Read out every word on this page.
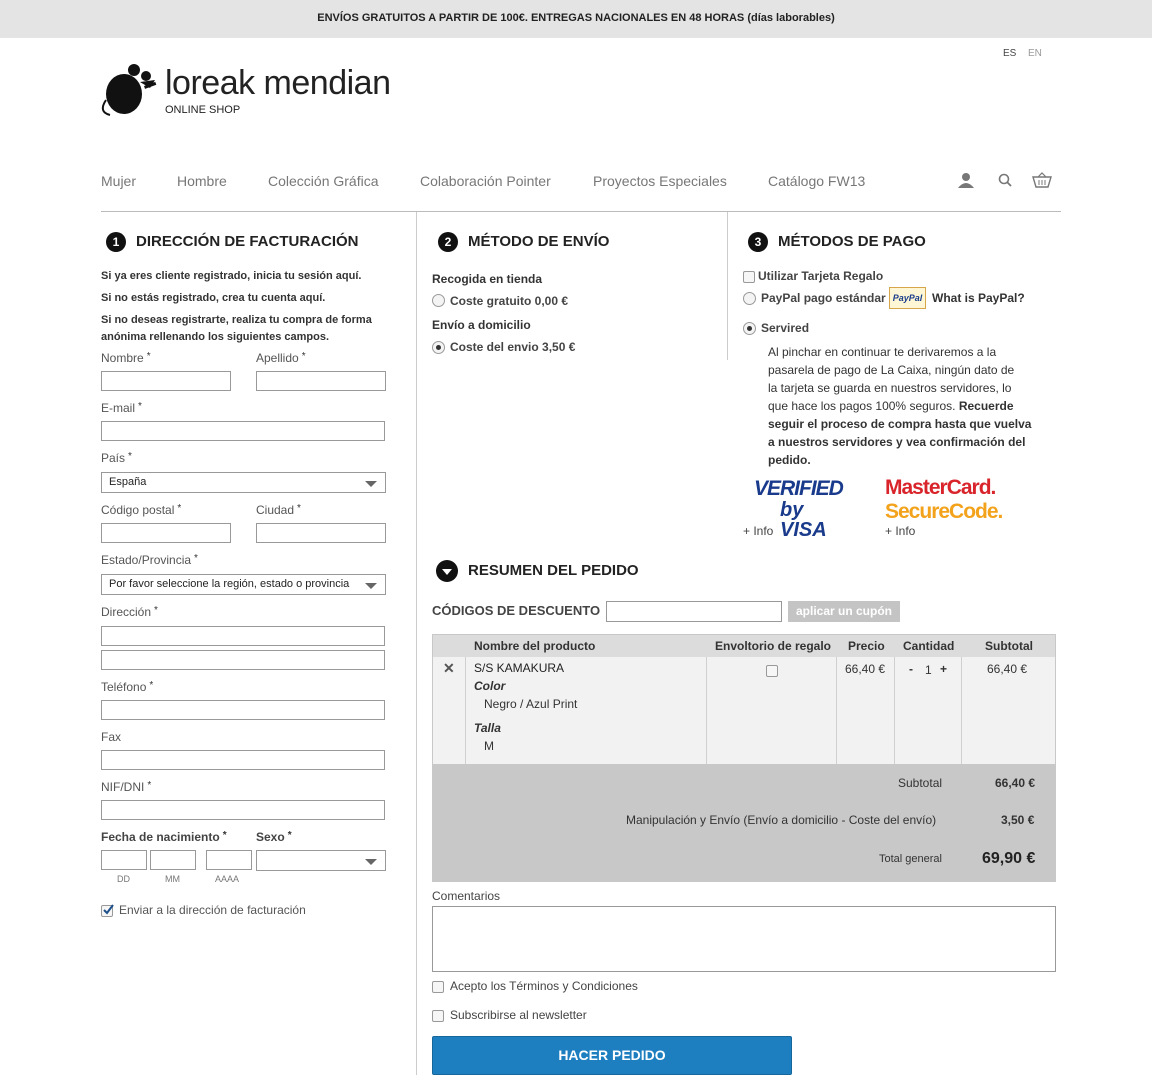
ENVÍOS GRATUITOS A PARTIR DE 100€. ENTREGAS NACIONALES EN 48 HORAS (días laborables)
ES EN
loreak mendian
ONLINE SHOP
Mujer	Hombre	Colección Gráfica	Colaboración Pointer	Proyectos Especiales	Catálogo FW13
1 DIRECCIÓN DE FACTURACIÓN
Si ya eres cliente registrado, inicia tu sesión aquí.
Si no estás registrado, crea tu cuenta aquí.
Si no deseas registrarte, realiza tu compra de forma
anónima rellenando los siguientes campos.
Nombre *	Apellido *
E-mail *
País *
España
Código postal *	Ciudad *
Estado/Provincia *
Por favor seleccione la región, estado o provincia
Dirección *
Teléfono *
Fax
NIF/DNI *
Fecha de nacimiento * Sexo *
DD	MM	AAAA
Enviar a la dirección de facturación
2 MÉTODO DE ENVÍO
Recogida en tienda
Coste gratuito 0,00 €
Envío a domicilio
Coste del envio 3,50 €
3 MÉTODOS DE PAGO
Utilizar Tarjeta Regalo
PayPal pago estándar PayPal What is PayPal?
Servired
Al pinchar en continuar te derivaremos a la
pasarela de pago de La Caixa, ningún dato de
la tarjeta se guarda en nuestros servidores, lo
que hace los pagos 100% seguros. Recuerde
seguir el proceso de compra hasta que vuelva
a nuestros servidores y vea confirmación del
pedido.
VERIFIED
by VISA
+ Info
MasterCard.
SecureCode.
+ Info
RESUMEN DEL PEDIDO
CÓDIGOS DE DESCUENTO	aplicar un cupón
Nombre del producto	Envoltorio de regalo Precio Cantidad	Subtotal
✕ S/S KAMAKURA
Color
Negro / Azul Print
Talla
M
66,40 € - 1 +	66,40 €
Subtotal	66,40 €
Manipulación y Envío (Envío a domicilio - Coste del envío)	3,50 €
Total general	69,90 €
Comentarios
Acepto los Términos y Condiciones
Subscribirse al newsletter
HACER PEDIDO
